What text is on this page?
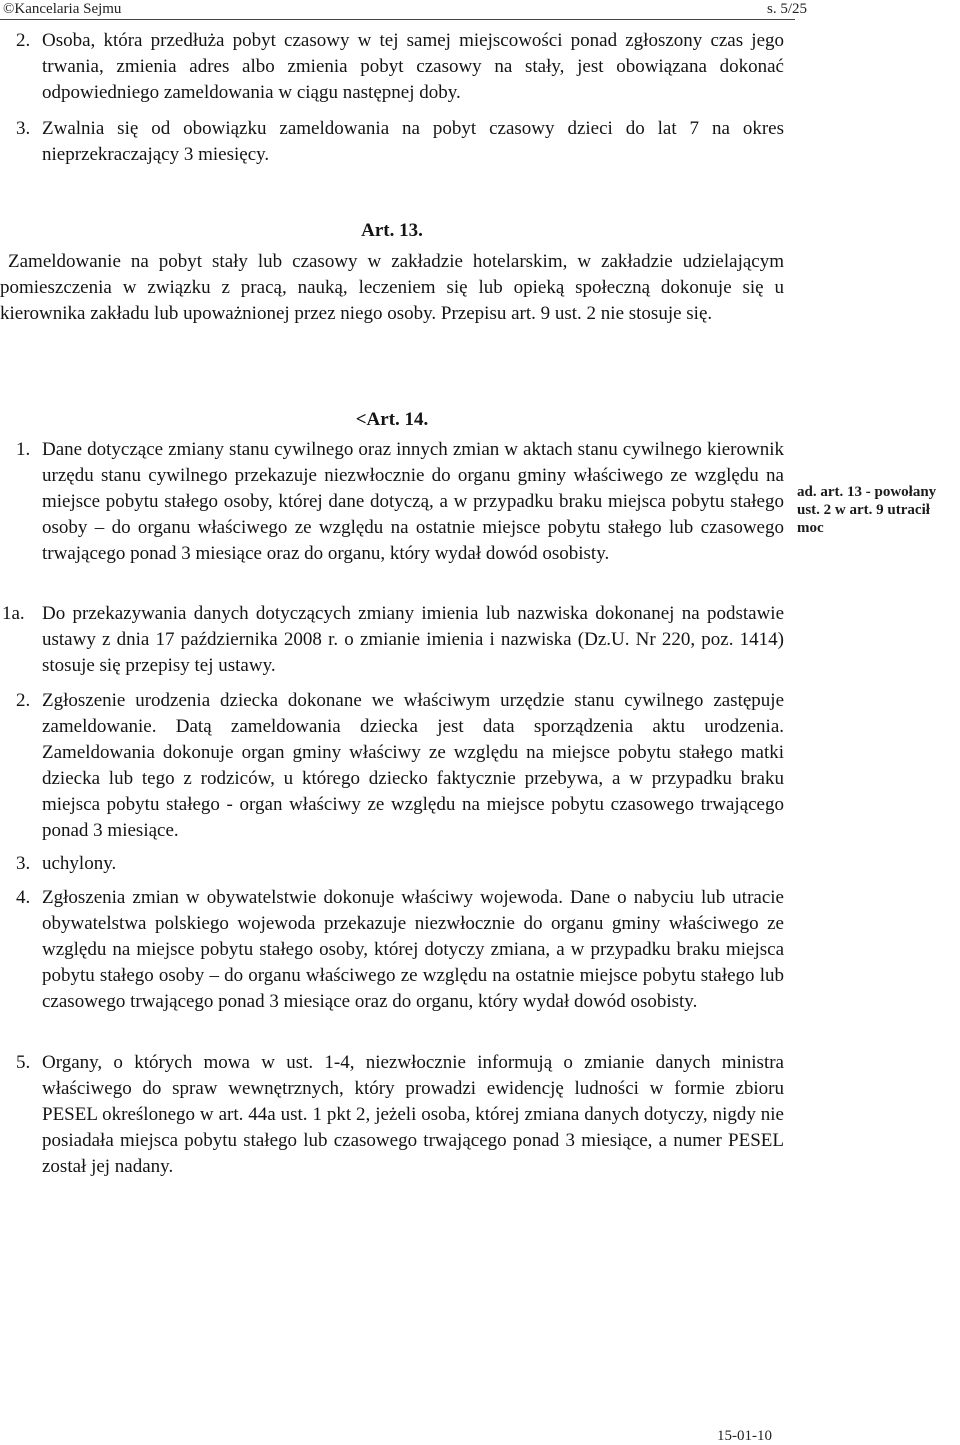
©Kancelaria Sejmu	s. 5/25
2. Osoba, która przedłuża pobyt czasowy w tej samej miejscowości ponad zgłoszony czas jego trwania, zmienia adres albo zmienia pobyt czasowy na stały, jest obowiązana dokonać odpowiedniego zameldowania w ciągu następnej doby.
3. Zwalnia się od obowiązku zameldowania na pobyt czasowy dzieci do lat 7 na okres nieprzekraczający 3 miesięcy.
Art. 13.
Zameldowanie na pobyt stały lub czasowy w zakładzie hotelarskim, w zakładzie udzielającym pomieszczenia w związku z pracą, nauką, leczeniem się lub opieką społeczną dokonuje się u kierownika zakładu lub upoważnionej przez niego osoby. Przepisu art. 9 ust. 2 nie stosuje się.
<Art. 14.
1. Dane dotyczące zmiany stanu cywilnego oraz innych zmian w aktach stanu cywilnego kierownik urzędu stanu cywilnego przekazuje niezwłocznie do organu gminy właściwego ze względu na miejsce pobytu stałego osoby, której dane dotyczą, a w przypadku braku miejsca pobytu stałego osoby – do organu właściwego ze względu na ostatnie miejsce pobytu stałego lub czasowego trwającego ponad 3 miesiące oraz do organu, który wydał dowód osobisty.
1a. Do przekazywania danych dotyczących zmiany imienia lub nazwiska dokonanej na podstawie ustawy z dnia 17 października 2008 r. o zmianie imienia i nazwiska (Dz.U. Nr 220, poz. 1414) stosuje się przepisy tej ustawy.
2. Zgłoszenie urodzenia dziecka dokonane we właściwym urzędzie stanu cywilnego zastępuje zameldowanie. Datą zameldowania dziecka jest data sporządzenia aktu urodzenia. Zameldowania dokonuje organ gminy właściwy ze względu na miejsce pobytu stałego matki dziecka lub tego z rodziców, u którego dziecko faktycznie przebywa, a w przypadku braku miejsca pobytu stałego - organ właściwy ze względu na miejsce pobytu czasowego trwającego ponad 3 miesiące.
3. uchylony.
4. Zgłoszenia zmian w obywatelstwie dokonuje właściwy wojewoda. Dane o nabyciu lub utracie obywatelstwa polskiego wojewoda przekazuje niezwłocznie do organu gminy właściwego ze względu na miejsce pobytu stałego osoby, której dotyczy zmiana, a w przypadku braku miejsca pobytu stałego osoby – do organu właściwego ze względu na ostatnie miejsce pobytu stałego lub czasowego trwającego ponad 3 miesiące oraz do organu, który wydał dowód osobisty.
5. Organy, o których mowa w ust. 1-4, niezwłocznie informują o zmianie danych ministra właściwego do spraw wewnętrznych, który prowadzi ewidencję ludności w formie zbioru PESEL określonego w art. 44a ust. 1 pkt 2, jeżeli osoba, której zmiana danych dotyczy, nigdy nie posiadała miejsca pobytu stałego lub czasowego trwającego ponad 3 miesiące, a numer PESEL został jej nadany.
ad. art. 13 - powołany ust. 2 w art. 9 utracił moc
15-01-10
